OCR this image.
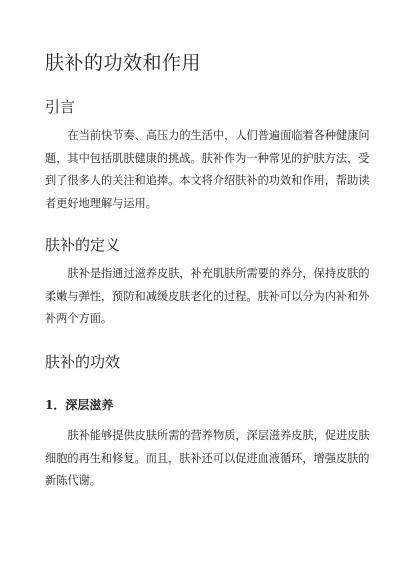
肤补的功效和作用
引言
在当前快节奏、高压力的生活中，人们普遍面临着各种健康问
题，其中包括肌肤健康的挑战。肤补作为一种常见的护肤方法，受
到了很多人的关注和追捧。本文将介绍肤补的功效和作用，帮助读
者更好地理解与运用。
肤补的定义
肤补是指通过滋养皮肤，补充肌肤所需要的养分，保持皮肤的
柔嫩与弹性，预防和减缓皮肤老化的过程。肤补可以分为内补和外
补两个方面。
肤补的功效
1．深层滋养
肤补能够提供皮肤所需的营养物质，深层滋养皮肤，促进皮肤
细胞的再生和修复。而且，肤补还可以促进血液循环，增强皮肤的
新陈代谢。
